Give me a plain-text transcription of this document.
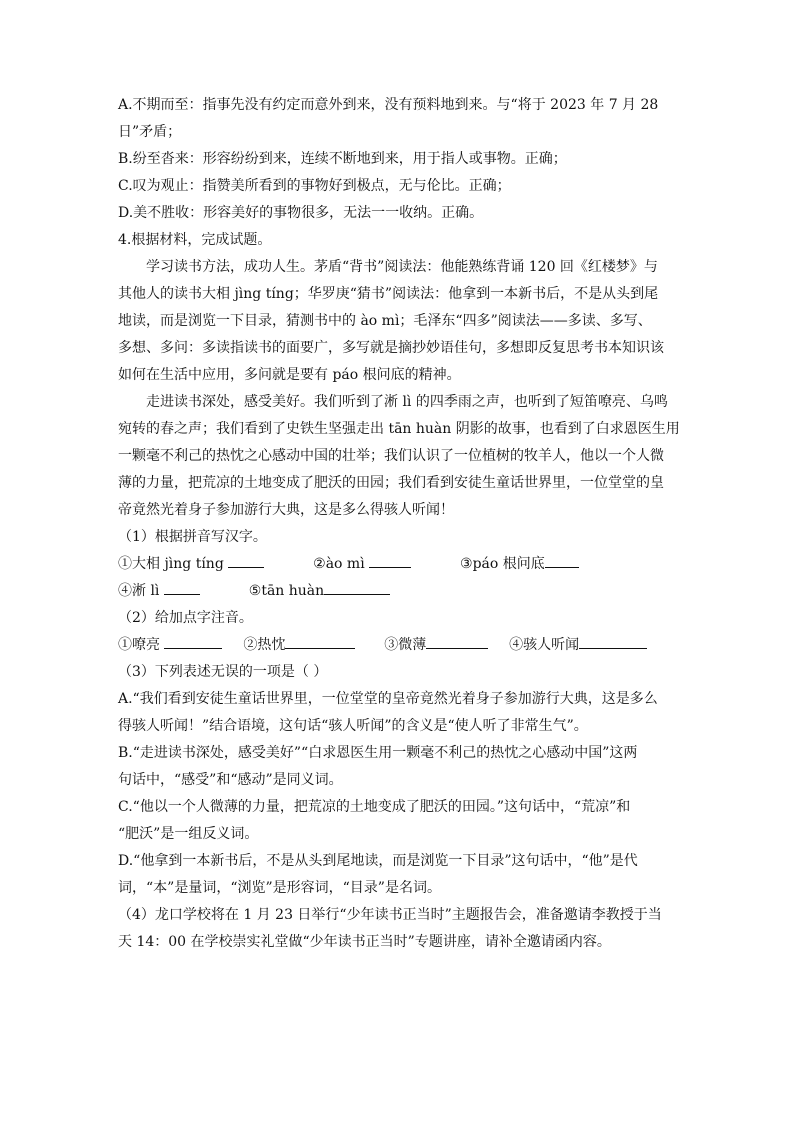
A.不期而至：指事先没有约定而意外到来，没有预料地到来。与“将于 2023 年 7 月 28
日”矛盾；
B.纷至沓来：形容纷纷到来，连续不断地到来，用于指人或事物。正确；
C.叹为观止：指赞美所看到的事物好到极点，无与伦比。正确；
D.美不胜收：形容美好的事物很多，无法一一收纳。正确。
4.根据材料，完成试题。
学习读书方法，成功人生。茅盾“背书”阅读法：他能熟练背诵 120 回《红楼梦》与
其他人的读书大相 jìng tíng；华罗庚“猜书”阅读法：他拿到一本新书后，不是从头到尾
地读，而是浏览一下目录，猜测书中的 ào mì；毛泽东“四多”阅读法——多读、多写、
多想、多问：多读指读书的面要广，多写就是摘抄妙语佳句，多想即反复思考书本知识该
如何在生活中应用，多问就是要有 páo 根问底的精神。
走进读书深处，感受美好。我们听到了淅 lì 的四季雨之声，也听到了短笛嘹亮、乌鸣
宛转的春之声；我们看到了史铁生坚强走出 tān huàn 阴影的故事，也看到了白求恩医生用
一颗毫不利己的热忱之心感动中国的壮举；我们认识了一位植树的牧羊人，他以一个人微
薄的力量，把荒凉的土地变成了肥沃的田园；我们看到安徒生童话世界里，一位堂堂的皇
帝竟然光着身子参加游行大典，这是多么得骇人听闻！
（1）根据拼音写汉字。
①大相 jìng tíng	②ào mì	③páo 根问底
④淅 lì	⑤tān huàn
（2）给加点字注音。
①嘹亮	②热忱	③微薄	④骇人听闻
（3）下列表述无误的一项是（ ）
A.“我们看到安徒生童话世界里，一位堂堂的皇帝竟然光着身子参加游行大典，这是多么
得骇人听闻！”结合语境，这句话“骇人听闻”的含义是“使人听了非常生气”。
B.“走进读书深处，感受美好”“白求恩医生用一颗毫不利己的热忱之心感动中国”这两
句话中，“感受”和“感动”是同义词。
C.“他以一个人微薄的力量，把荒凉的土地变成了肥沃的田园。”这句话中，“荒凉”和
“肥沃”是一组反义词。
D.“他拿到一本新书后，不是从头到尾地读，而是浏览一下目录”这句话中，“他”是代
词，“本”是量词，“浏览”是形容词，“目录”是名词。
（4）龙口学校将在 1 月 23 日举行“少年读书正当时”主题报告会，准备邀请李教授于当
天 14：00 在学校崇实礼堂做“少年读书正当时”专题讲座，请补全邀请函内容。
